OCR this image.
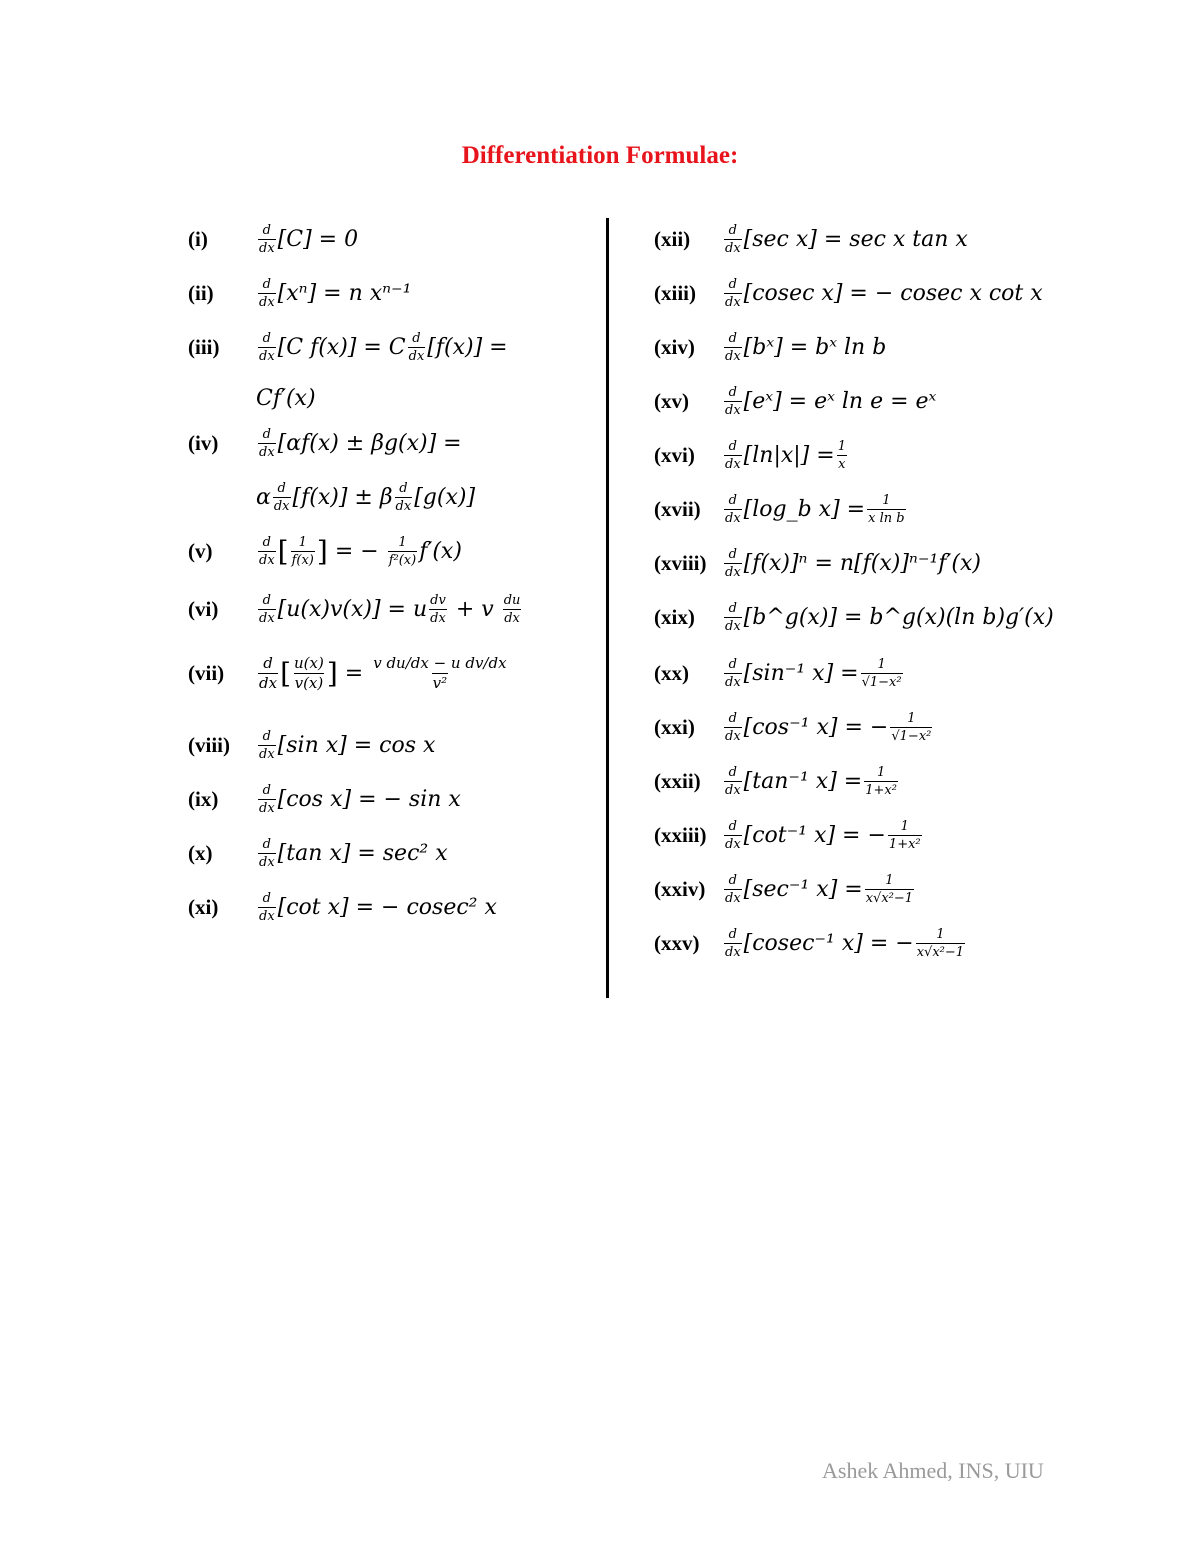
Differentiation Formulae:
(i)	$\frac{d}{dx} [C] = 0$
(ii)	$\frac{d}{dx} [x^n] = n$ xⁿ⁻¹
(iii)	$\frac{d}{dx} [C$ f(x)] = C $\frac{d}{dx} [f(x)]$ =
Cf′(x)
(iv)	$\frac{d}{dx} [\alpha f(x) \pm \beta g(x)]$ =
α $\frac{d}{dx} [f(x)] \pm \beta \frac{d}{dx} [g(x)]$
(v)	$\frac{d}{dx}$ [ $\frac{1}{f(x)}$ ] = − $\frac{1}{\text{f²(x)}} f'(x)$
(vi)	$\frac{d}{dx} [u(x)v(x)] = u \frac{dv}{dx} + v \frac{du}{dx}$
(vii)	$\frac{d}{dx}$ [ $\frac{u(x)}{v(x)}$ ] = $\frac{\text{v du/dx − u dv/dx}}{\text{v²}}$
(viii)	$\frac{d}{dx} [\sin$ x] = cos x
(ix)	$\frac{d}{dx} [\cos$ x] = − sin x
(x)	$\frac{d}{dx} [\tan$ x] = sec² x
(xi)	$\frac{d}{dx} [\cot$ x] = − cosec² x
(xii)	$\frac{d}{dx} [\sec$ x] = sec x tan x
(xiii)	$\frac{d}{dx} [cosec$ x] = − cosec x cot x
(xiv)	$\frac{d}{dx}$ [bˣ] = bˣ ln b
(xv)	$\frac{d}{dx}$ [eˣ] = eˣ ln e = eˣ
(xvi)	$\frac{d}{dx} [\ln|x|] = \frac{1}{x}$
(xvii)	$\frac{d}{dx}$ [log_b $x] = \frac{1}{\text{x ln b}}$
(xviii)	$\frac{d}{dx} [f(x)]^n = n[f(x)]^{n-1}f'(x)$
(xix)	$\frac{d}{dx}$ [b^g(x)] = b^g(x)(ln b)g′(x)
(xx)	$\frac{d}{dx} [\sin^{-1}$ $x] = \frac{1}{\text{√1−x²}}$
(xxi)	$\frac{d}{dx} [\cos^{-1}$ x] = − $\frac{1}{\text{√1−x²}}$
(xxii)	$\frac{d}{dx} [\tan^{-1}$ $x] = \frac{1}{\text{1+x²}}$
(xxiii)	$\frac{d}{dx} [\cot^{-1}$ x] = − $\frac{1}{\text{1+x²}}$
(xxiv)	$\frac{d}{dx} [\sec^{-1}$ $x] = \frac{1}{\text{x√x²−1}}$
(xxv)	$\frac{d}{dx} [cosec^{-1}$ x] = − $\frac{1}{\text{x√x²−1}}$
Ashek Ahmed, INS, UIU
